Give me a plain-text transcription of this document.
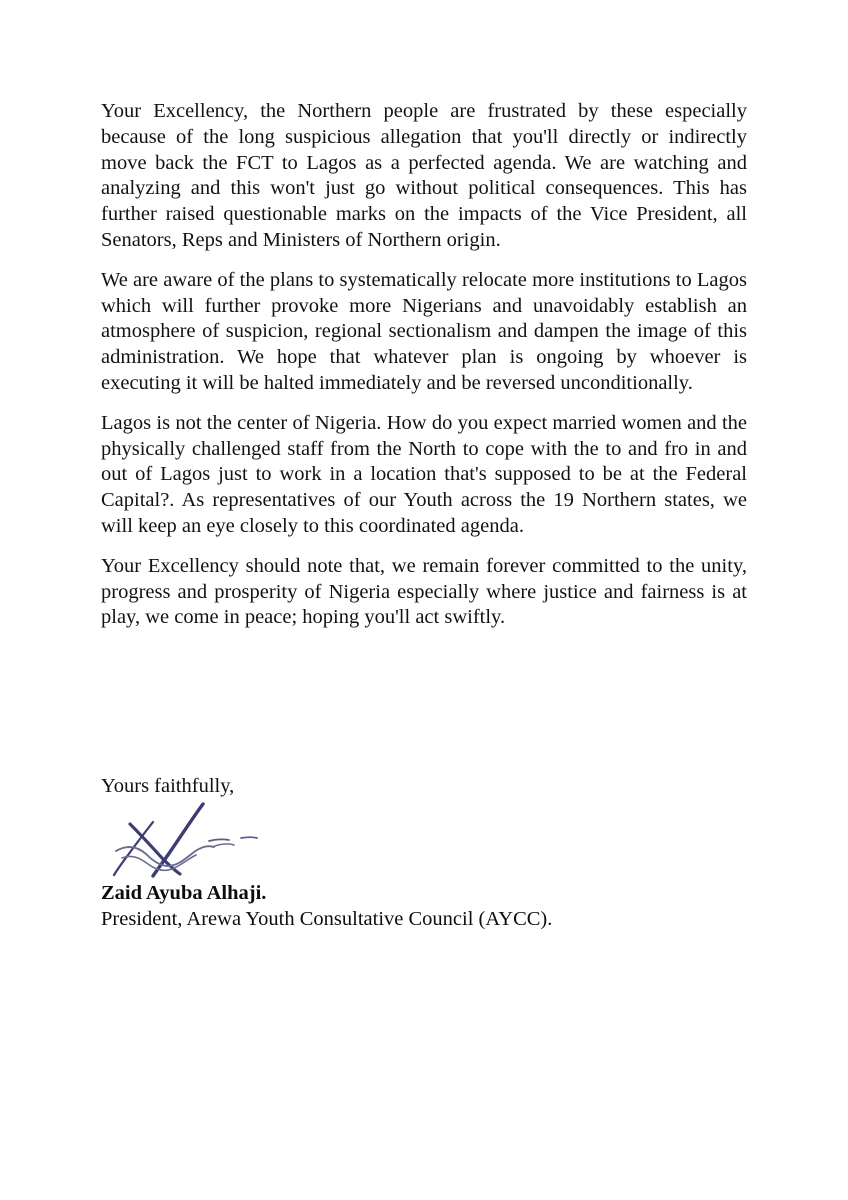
Your Excellency, the Northern people are frustrated by these especially because of the long suspicious allegation that you'll directly or indirectly move back the FCT to Lagos as a perfected agenda. We are watching and analyzing and this won't just go without political consequences. This has further raised questionable marks on the impacts of the Vice President, all Senators, Reps and Ministers of Northern origin.

We are aware of the plans to systematically relocate more institutions to Lagos which will further provoke more Nigerians and unavoidably establish an atmosphere of suspicion, regional sectionalism and dampen the image of this administration. We hope that whatever plan is ongoing by whoever is executing it will be halted immediately and be reversed unconditionally.

Lagos is not the center of Nigeria. How do you expect married women and the physically challenged staff from the North to cope with the to and fro in and out of Lagos just to work in a location that's supposed to be at the Federal Capital?. As representatives of our Youth across the 19 Northern states, we will keep an eye closely to this coordinated agenda.

Your Excellency should note that, we remain forever committed to the unity, progress and prosperity of Nigeria especially where justice and fairness is at play, we come in peace; hoping you'll act swiftly.

Yours faithfully,
Zaid Ayuba Alhaji.
President, Arewa Youth Consultative Council (AYCC).
